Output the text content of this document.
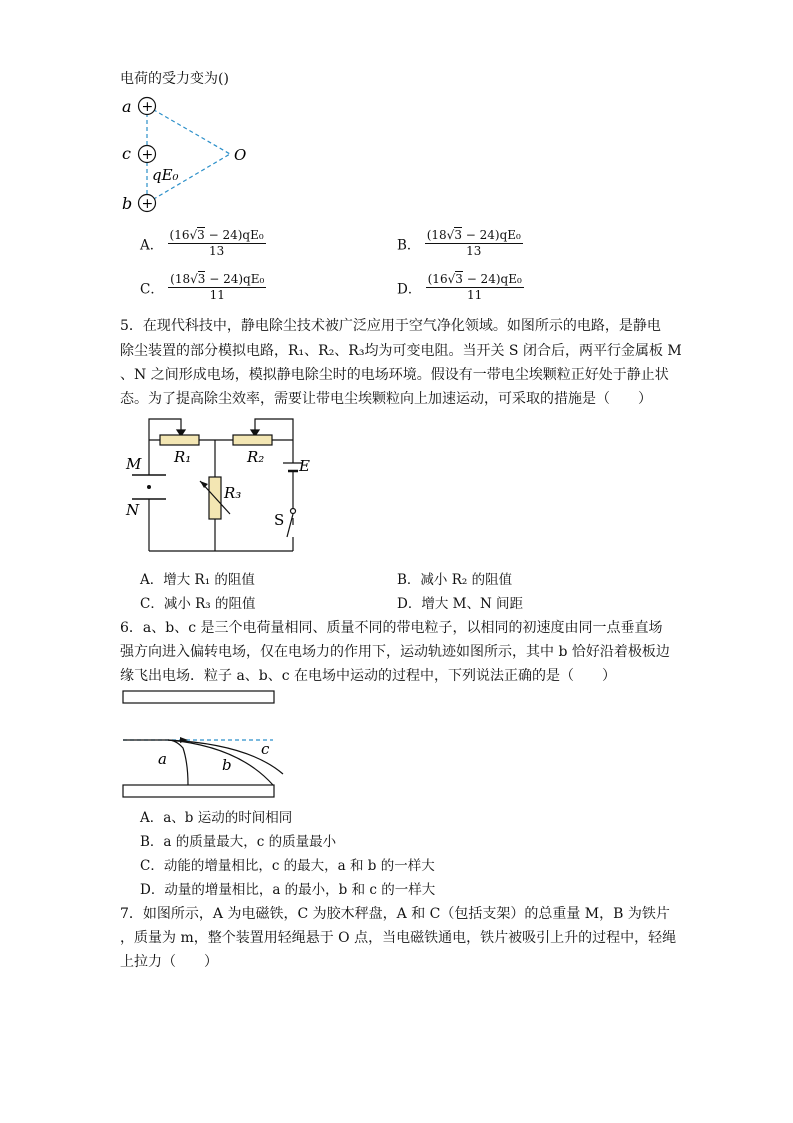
电荷的受力变为()
+
+
+
a
c
b
O
qE₀
A． $\frac{\text{(16√3 − 24)qE₀}}{13}$	B． $\frac{\text{(18√3 − 24)qE₀}}{13}$
C． $\frac{\text{(18√3 − 24)qE₀}}{11}$	D． $\frac{\text{(16√3 − 24)qE₀}}{11}$
5．在现代科技中，静电除尘技术被广泛应用于空气净化领域。如图所示的电路，是静电
除尘装置的部分模拟电路，R₁、R₂、R₃均为可变电阻。当开关 S 闭合后，两平行金属板 M
、N 之间形成电场，模拟静电除尘时的电场环境。假设有一带电尘埃颗粒正好处于静止状
态。为了提高除尘效率，需要让带电尘埃颗粒向上加速运动，可采取的措施是（　　）
M
N
R₁	R₂
R₃
E
S
A．增大 R₁ 的阻值	B．减小 R₂ 的阻值
C．减小 R₃ 的阻值	D．增大 M、N 间距
6．a、b、c 是三个电荷量相同、质量不同的带电粒子，以相同的初速度由同一点垂直场
强方向进入偏转电场，仅在电场力的作用下，运动轨迹如图所示，其中 b 恰好沿着极板边
缘飞出电场．粒子 a、b、c 在电场中运动的过程中，下列说法正确的是（　　）
a	b
c
A．a、b 运动的时间相同
B．a 的质量最大，c 的质量最小
C．动能的增量相比，c 的最大，a 和 b 的一样大
D．动量的增量相比，a 的最小，b 和 c 的一样大
7．如图所示，A 为电磁铁，C 为胶木秤盘，A 和 C（包括支架）的总重量 M，B 为铁片
，质量为 m，整个装置用轻绳悬于 O 点，当电磁铁通电，铁片被吸引上升的过程中，轻绳
上拉力（　　）
